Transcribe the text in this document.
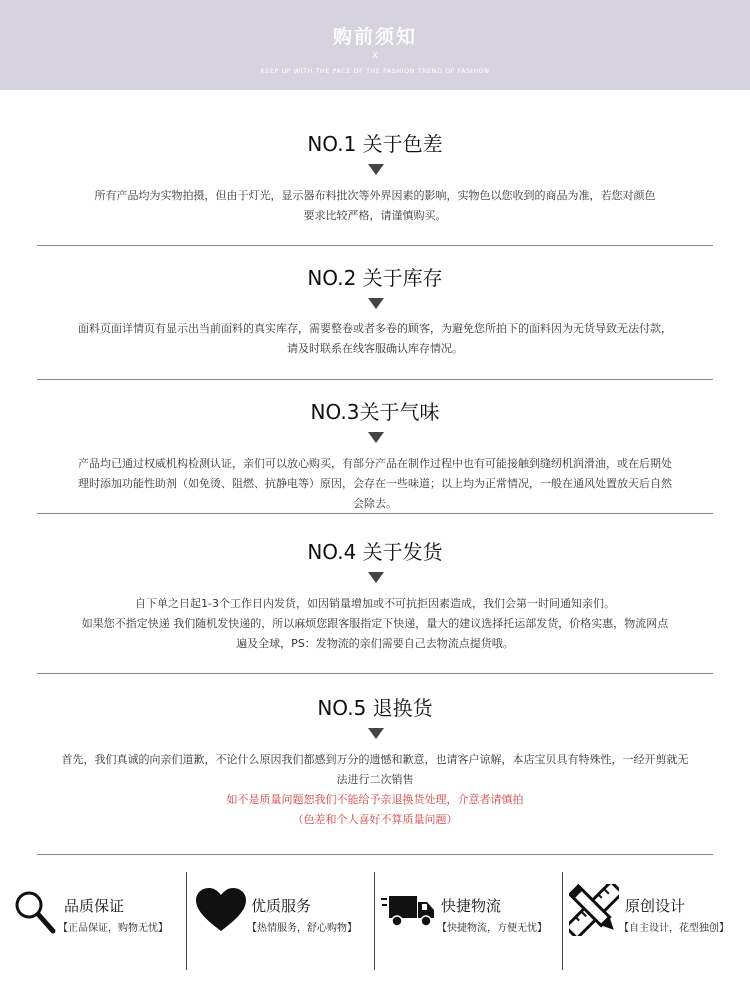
购前须知
X
KEEP UP WITH THE PACE OF THE FASHION TREND OF FASHION
NO.1 关于色差
所有产品均为实物拍摄，但由于灯光，显示器布料批次等外界因素的影响，实物色以您收到的商品为准，若您对颜色
要求比较严格，请谨慎购买。
NO.2 关于库存
面料页面详情页有显示出当前面料的真实库存，需要整卷或者多卷的顾客，为避免您所拍下的面料因为无货导致无法付款，
请及时联系在线客服确认库存情况。
NO.3关于气味
产品均已通过权威机构检测认证，亲们可以放心购买，有部分产品在制作过程中也有可能接触到缝纫机润滑油，或在后期处
理时添加功能性助剂（如免烫、阻燃、抗静电等）原因，会存在一些味道；以上均为正常情况，一般在通风处置放天后自然
会除去。
NO.4 关于发货
自下单之日起1-3个工作日内发货，如因销量增加或不可抗拒因素造成，我们会第一时间通知亲们。
如果您不指定快递 我们随机发快递的，所以麻烦您跟客服指定下快递，量大的建议选择托运部发货，价格实惠，物流网点
遍及全球，PS：发物流的亲们需要自己去物流点提货哦。
NO.5 退换货
首先，我们真诚的向亲们道歉，不论什么原因我们都感到万分的遗憾和歉意，也请客户谅解，本店宝贝具有特殊性，一经开剪就无
法进行二次销售
如不是质量问题恕我们不能给予亲退换货处理，介意者请慎拍
（色差和个人喜好不算质量问题）
品质保证
【正品保证，购物无忧】
优质服务
【热情服务，舒心购物】
快捷物流
【快捷物流，方便无忧】
原创设计
【自主设计，花型独创】
